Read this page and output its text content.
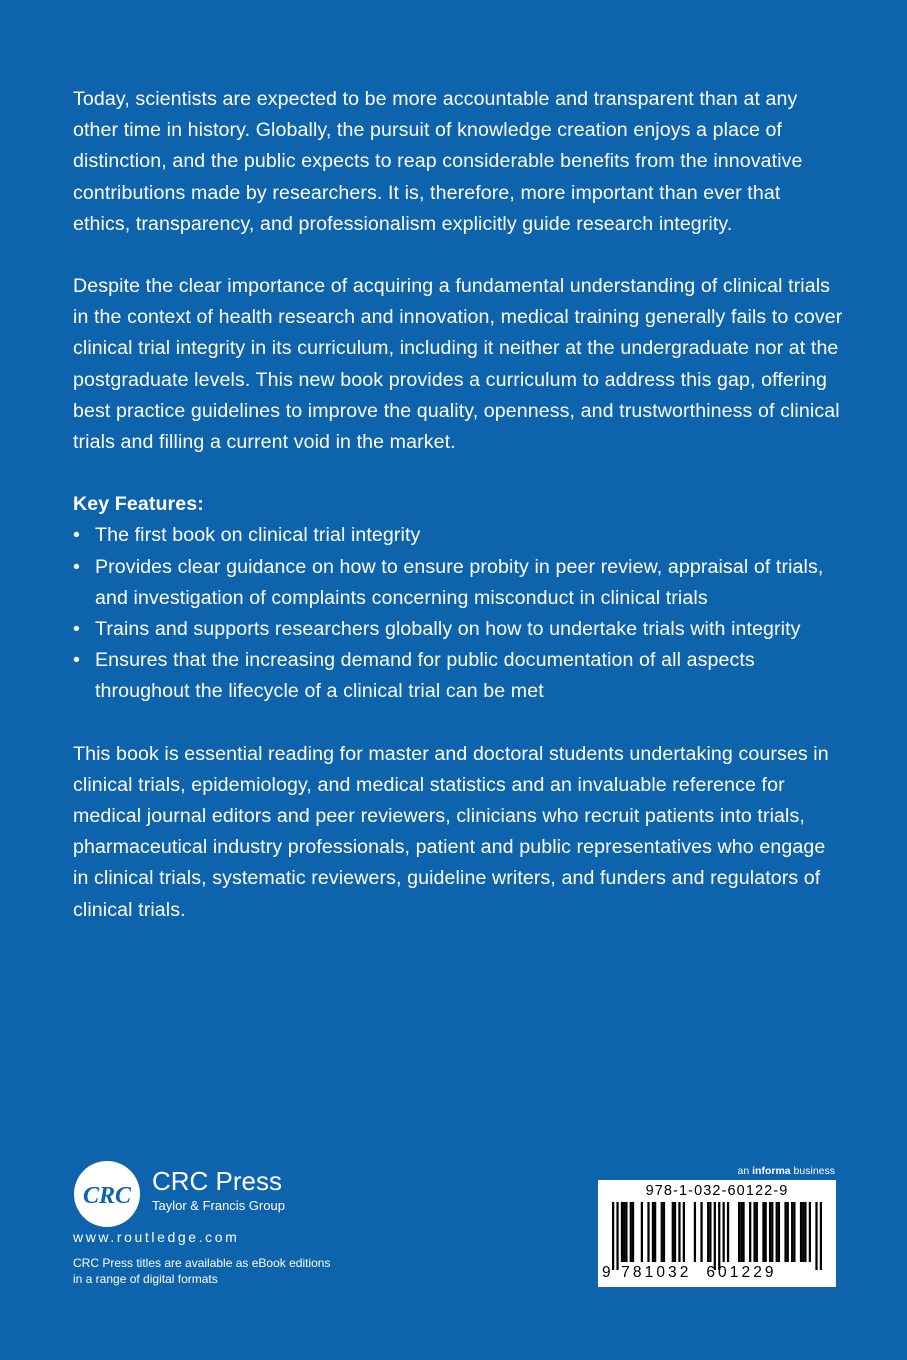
Today, scientists are expected to be more accountable and transparent than at any other time in history. Globally, the pursuit of knowledge creation enjoys a place of distinction, and the public expects to reap considerable benefits from the innovative contributions made by researchers. It is, therefore, more important than ever that ethics, transparency, and professionalism explicitly guide research integrity.

Despite the clear importance of acquiring a fundamental understanding of clinical trials in the context of health research and innovation, medical training generally fails to cover clinical trial integrity in its curriculum, including it neither at the undergraduate nor at the postgraduate levels. This new book provides a curriculum to address this gap, offering best practice guidelines to improve the quality, openness, and trustworthiness of clinical trials and filling a current void in the market.

Key Features:

• The first book on clinical trial integrity
• Provides clear guidance on how to ensure probity in peer review, appraisal of trials, and investigation of complaints concerning misconduct in clinical trials
• Trains and supports researchers globally on how to undertake trials with integrity
• Ensures that the increasing demand for public documentation of all aspects throughout the lifecycle of a clinical trial can be met

This book is essential reading for master and doctoral students undertaking courses in clinical trials, epidemiology, and medical statistics and an invaluable reference for medical journal editors and peer reviewers, clinicians who recruit patients into trials, pharmaceutical industry professionals, patient and public representatives who engage in clinical trials, systematic reviewers, guideline writers, and funders and regulators of clinical trials.

CRC CRC Press
Taylor & Francis Group
www.routledge.com
CRC Press titles are available as eBook editions
in a range of digital formats
an informa business
978-1-032-60122-9
9 781032 601229
